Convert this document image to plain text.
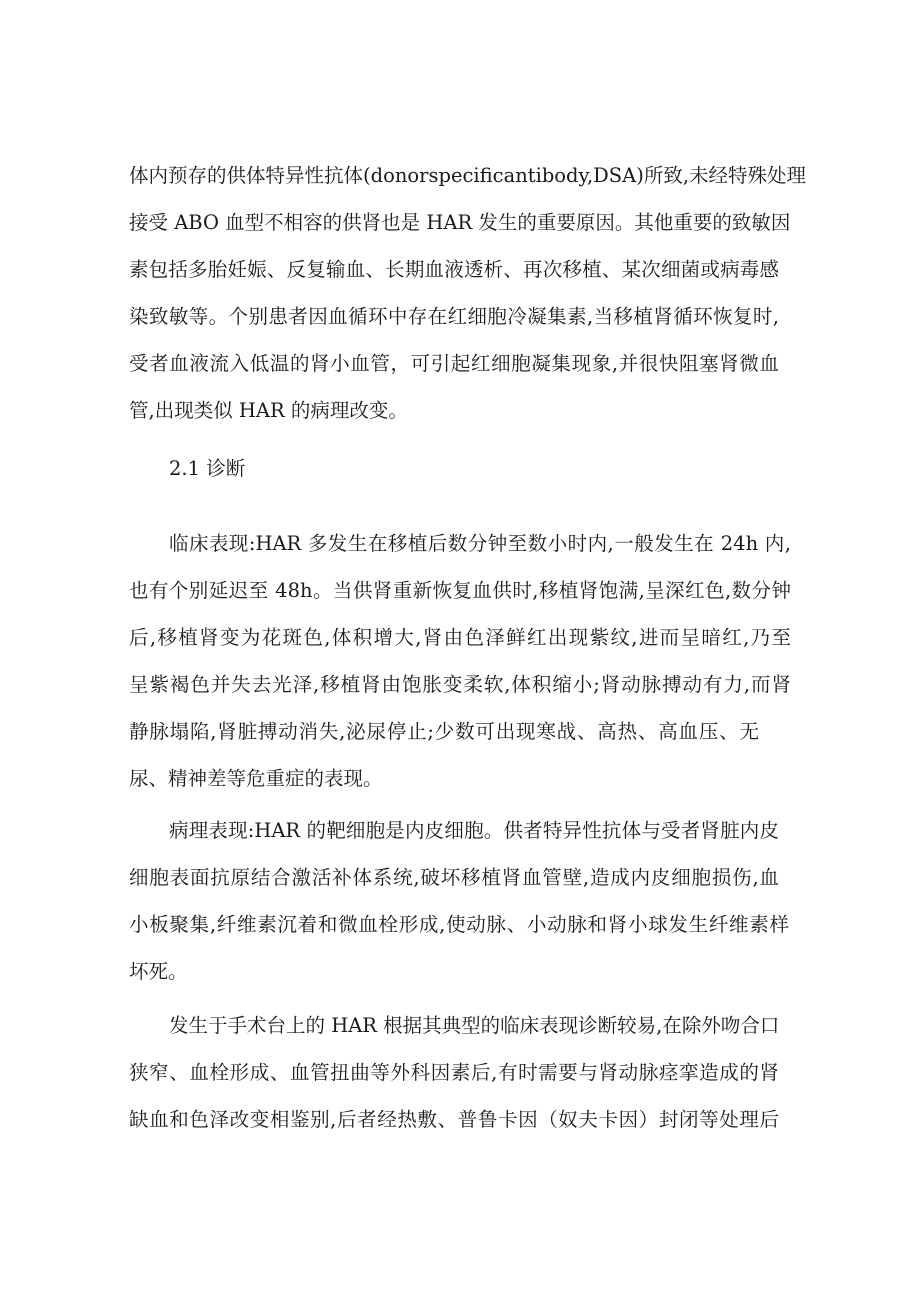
体内预存的供体特异性抗体(donorspecificantibody,DSA)所致,未经特殊处理
接受 ABO 血型不相容的供肾也是 HAR 发生的重要原因。其他重要的致敏因
素包括多胎妊娠、反复输血、长期血液透析、再次移植、某次细菌或病毒感
染致敏等。个别患者因血循环中存在红细胞冷凝集素,当移植肾循环恢复时,
受者血液流入低温的肾小血管，可引起红细胞凝集现象,并很快阻塞肾微血
管,出现类似 HAR 的病理改变。
2.1 诊断
临床表现:HAR 多发生在移植后数分钟至数小时内,一般发生在 24h 内,
也有个别延迟至 48h。当供肾重新恢复血供时,移植肾饱满,呈深红色,数分钟
后,移植肾变为花斑色,体积增大,肾由色泽鲜红出现紫纹,进而呈暗红,乃至
呈紫褐色并失去光泽,移植肾由饱胀变柔软,体积缩小;肾动脉搏动有力,而肾
静脉塌陷,肾脏搏动消失,泌尿停止;少数可出现寒战、高热、高血压、无
尿、精神差等危重症的表现。
病理表现:HAR 的靶细胞是内皮细胞。供者特异性抗体与受者肾脏内皮
细胞表面抗原结合激活补体系统,破坏移植肾血管壁,造成内皮细胞损伤,血
小板聚集,纤维素沉着和微血栓形成,使动脉、小动脉和肾小球发生纤维素样
坏死。
发生于手术台上的 HAR 根据其典型的临床表现诊断较易,在除外吻合口
狭窄、血栓形成、血管扭曲等外科因素后,有时需要与肾动脉痉挛造成的肾
缺血和色泽改变相鉴别,后者经热敷、普鲁卡因（奴夫卡因）封闭等处理后
